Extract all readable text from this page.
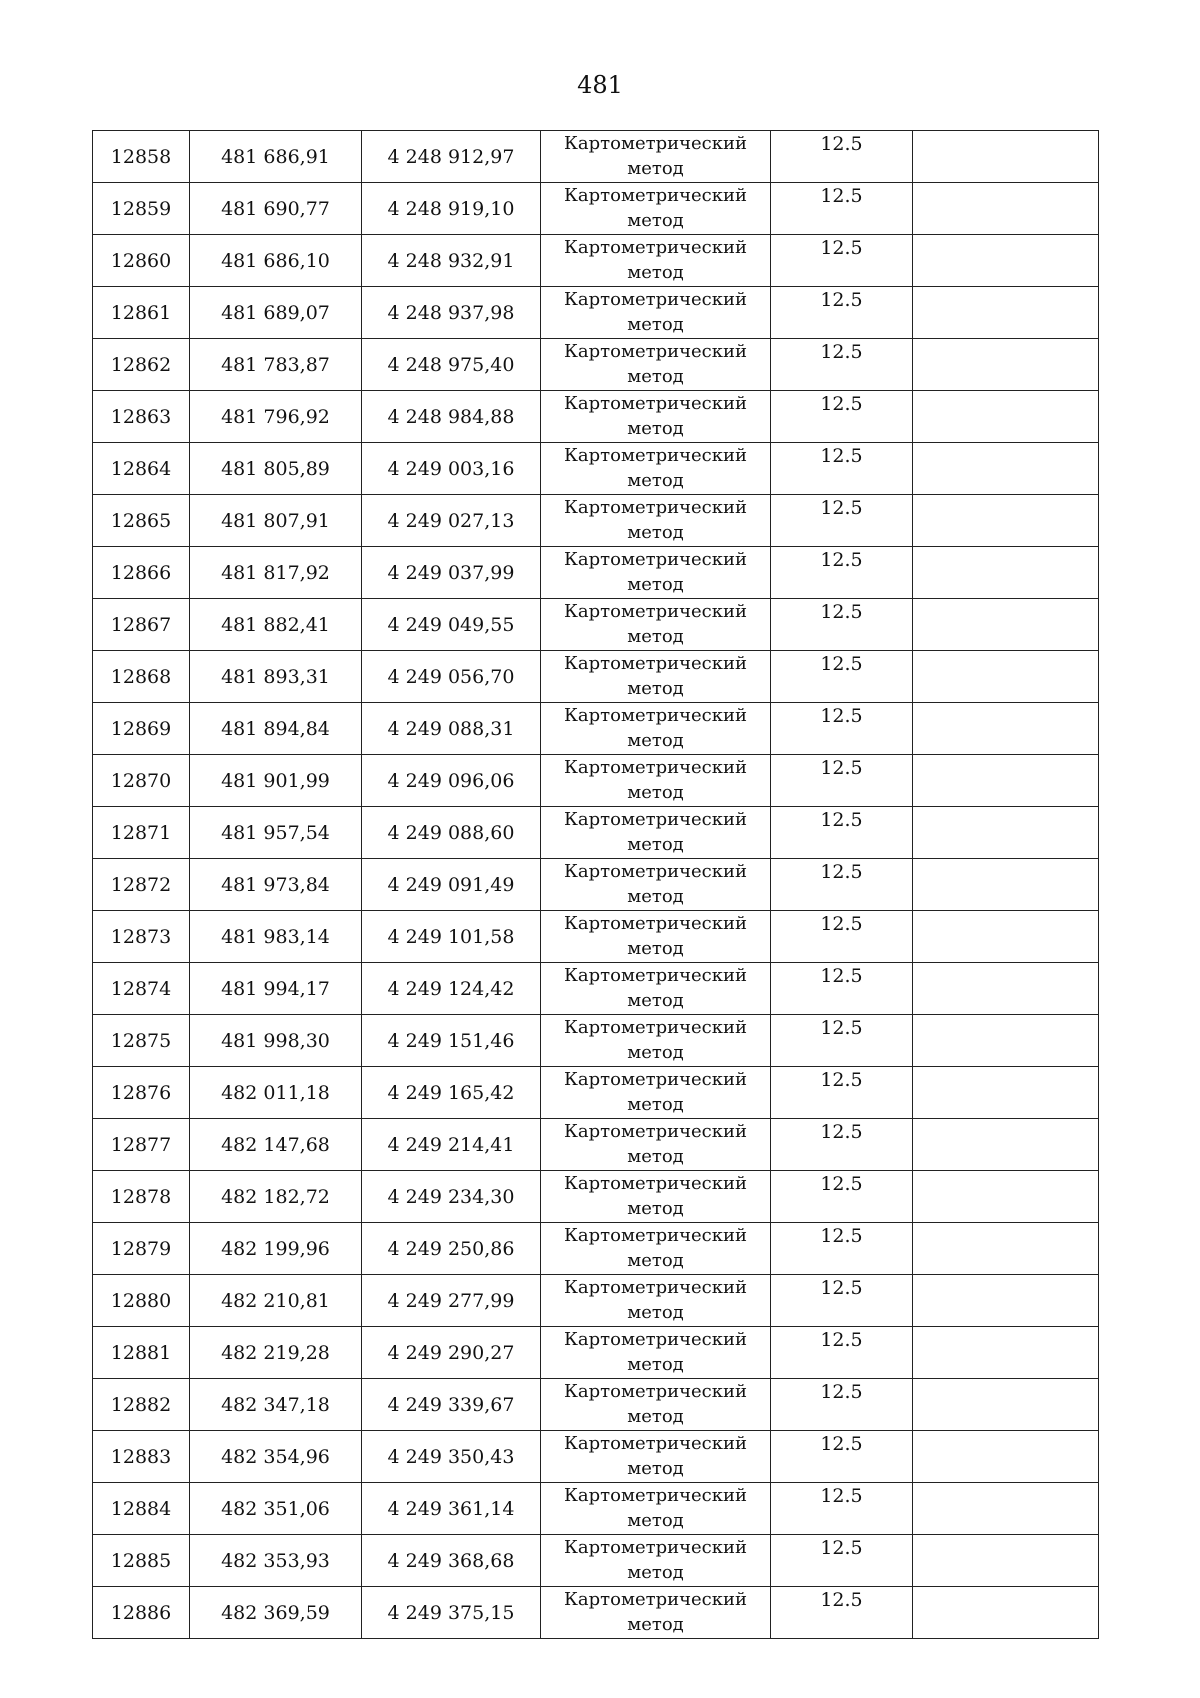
481
12858	481 686,91	4 248 912,97	Картометрический
метод	12.5	
12859	481 690,77	4 248 919,10	Картометрический
метод	12.5	
12860	481 686,10	4 248 932,91	Картометрический
метод	12.5	
12861	481 689,07	4 248 937,98	Картометрический
метод	12.5	
12862	481 783,87	4 248 975,40	Картометрический
метод	12.5	
12863	481 796,92	4 248 984,88	Картометрический
метод	12.5	
12864	481 805,89	4 249 003,16	Картометрический
метод	12.5	
12865	481 807,91	4 249 027,13	Картометрический
метод	12.5	
12866	481 817,92	4 249 037,99	Картометрический
метод	12.5	
12867	481 882,41	4 249 049,55	Картометрический
метод	12.5	
12868	481 893,31	4 249 056,70	Картометрический
метод	12.5	
12869	481 894,84	4 249 088,31	Картометрический
метод	12.5	
12870	481 901,99	4 249 096,06	Картометрический
метод	12.5	
12871	481 957,54	4 249 088,60	Картометрический
метод	12.5	
12872	481 973,84	4 249 091,49	Картометрический
метод	12.5	
12873	481 983,14	4 249 101,58	Картометрический
метод	12.5	
12874	481 994,17	4 249 124,42	Картометрический
метод	12.5	
12875	481 998,30	4 249 151,46	Картометрический
метод	12.5	
12876	482 011,18	4 249 165,42	Картометрический
метод	12.5	
12877	482 147,68	4 249 214,41	Картометрический
метод	12.5	
12878	482 182,72	4 249 234,30	Картометрический
метод	12.5	
12879	482 199,96	4 249 250,86	Картометрический
метод	12.5	
12880	482 210,81	4 249 277,99	Картометрический
метод	12.5	
12881	482 219,28	4 249 290,27	Картометрический
метод	12.5	
12882	482 347,18	4 249 339,67	Картометрический
метод	12.5	
12883	482 354,96	4 249 350,43	Картометрический
метод	12.5	
12884	482 351,06	4 249 361,14	Картометрический
метод	12.5	
12885	482 353,93	4 249 368,68	Картометрический
метод	12.5	
12886	482 369,59	4 249 375,15	Картометрический
метод	12.5	
